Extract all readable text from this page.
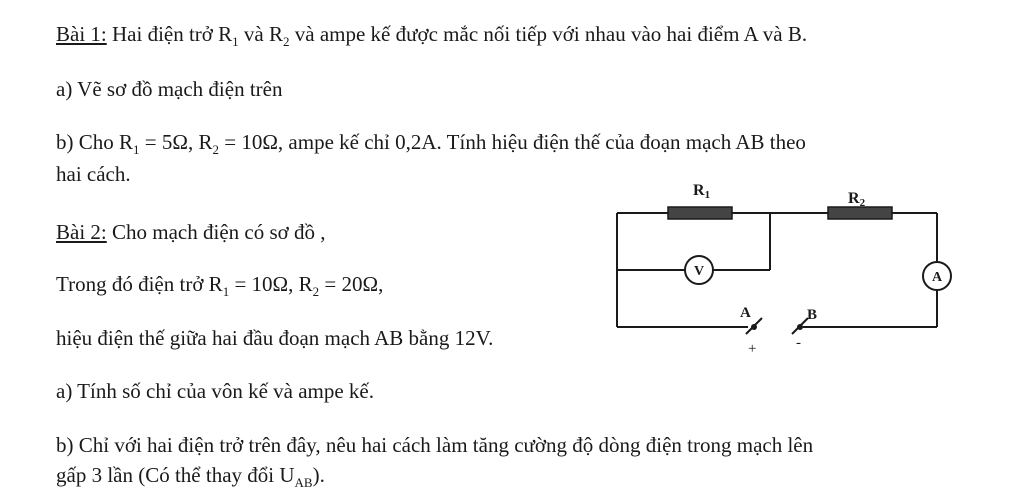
Bài 1: Hai điện trở $R_1$ và $R_2$ và ampe kế được mắc nối tiếp với nhau vào hai điểm A và B.
a) Vẽ sơ đồ mạch điện trên
b) Cho $R_1 = 5\Omega$, $R_2 = 10\Omega$, ampe kế chỉ 0,2A. Tính hiệu điện thế của đoạn mạch AB theo
hai cách.
Bài 2: Cho mạch điện có sơ đồ ,
Trong đó điện trở $R_1 = 10\Omega$, $R_2 = 20\Omega$,
hiệu điện thế giữa hai đầu đoạn mạch AB bằng 12V.
a) Tính số chỉ của vôn kế và ampe kế.
b) Chỉ với hai điện trở trên đây, nêu hai cách làm tăng cường độ dòng điện trong mạch lên
gấp 3 lần (Có thể thay đổi $U_{AB}$).
R1	R2
V	A
A	B
+	-
